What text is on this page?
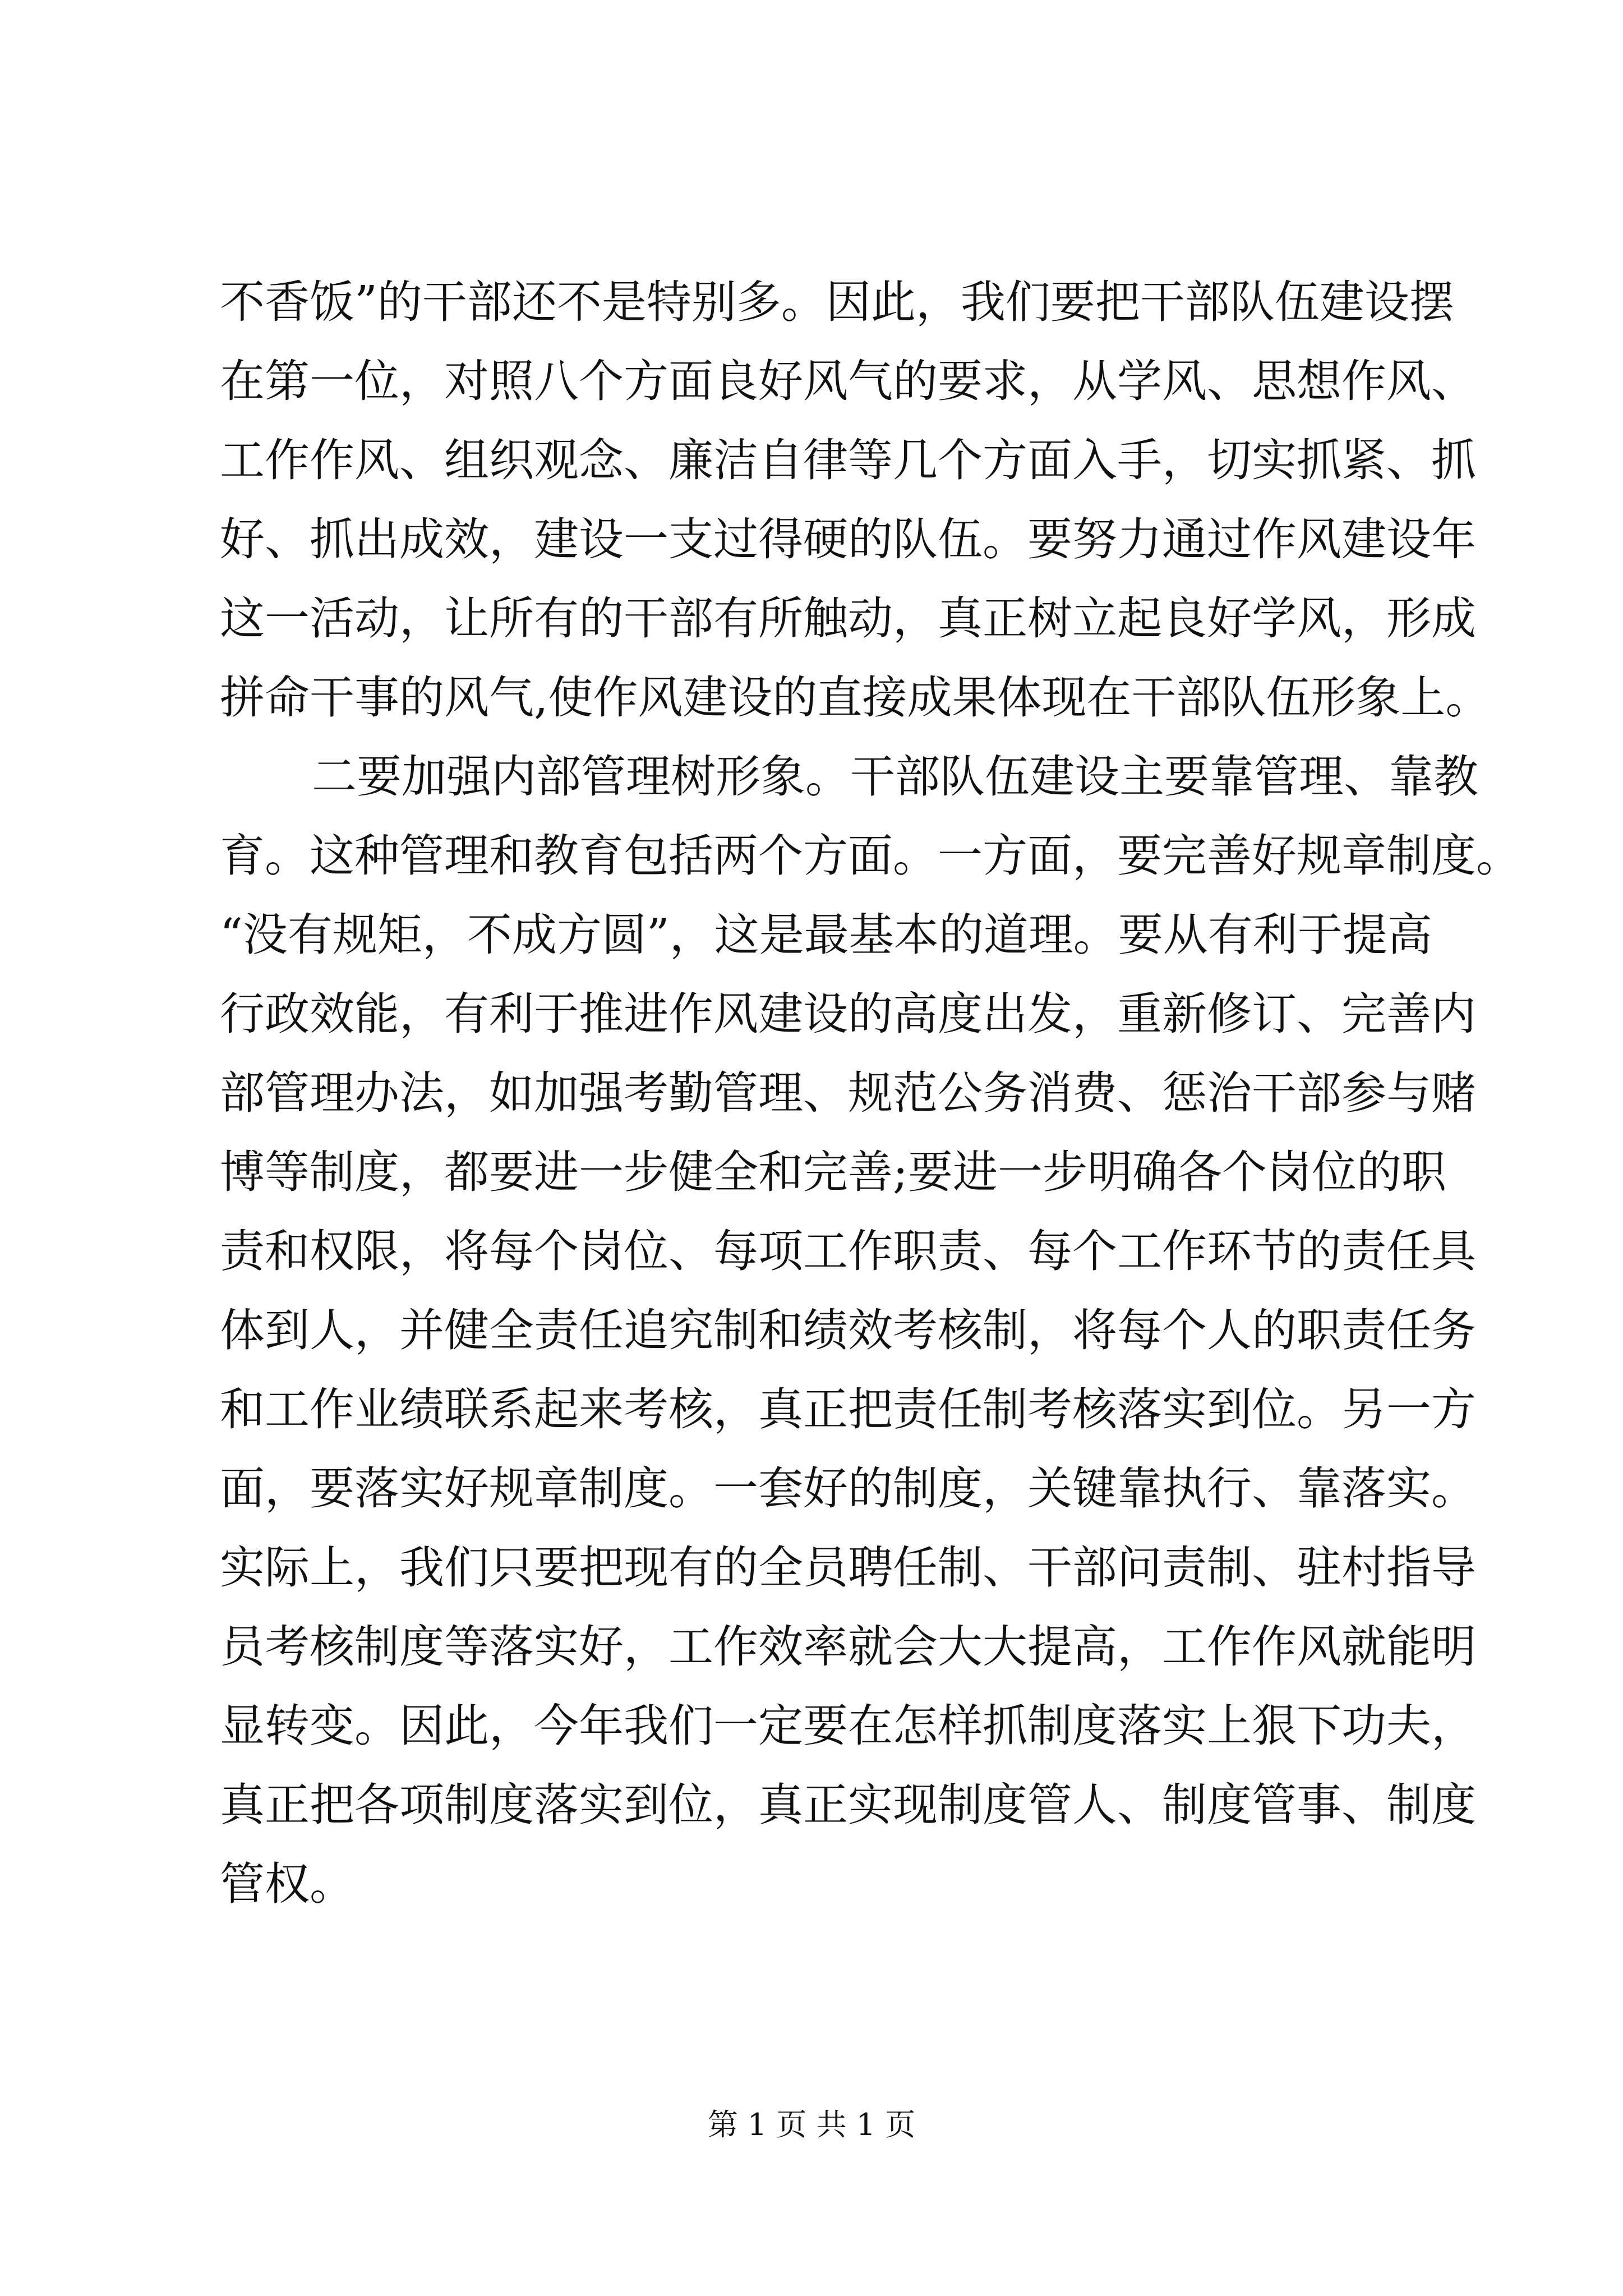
不香饭”的干部还不是特别多。因此，我们要把干部队伍建设摆
在第一位，对照八个方面良好风气的要求，从学风、思想作风、
工作作风、组织观念、廉洁自律等几个方面入手，切实抓紧、抓
好、抓出成效，建设一支过得硬的队伍。要努力通过作风建设年
这一活动，让所有的干部有所触动，真正树立起良好学风，形成
拼命干事的风气,使作风建设的直接成果体现在干部队伍形象上。
二要加强内部管理树形象。干部队伍建设主要靠管理、靠教
育。这种管理和教育包括两个方面。一方面，要完善好规章制度。
“没有规矩，不成方圆”，这是最基本的道理。要从有利于提高
行政效能，有利于推进作风建设的高度出发，重新修订、完善内
部管理办法，如加强考勤管理、规范公务消费、惩治干部参与赌
博等制度，都要进一步健全和完善;要进一步明确各个岗位的职
责和权限，将每个岗位、每项工作职责、每个工作环节的责任具
体到人，并健全责任追究制和绩效考核制，将每个人的职责任务
和工作业绩联系起来考核，真正把责任制考核落实到位。另一方
面，要落实好规章制度。一套好的制度，关键靠执行、靠落实。
实际上，我们只要把现有的全员聘任制、干部问责制、驻村指导
员考核制度等落实好，工作效率就会大大提高，工作作风就能明
显转变。因此，今年我们一定要在怎样抓制度落实上狠下功夫，
真正把各项制度落实到位，真正实现制度管人、制度管事、制度
管权。
第 1 页 共 1 页
